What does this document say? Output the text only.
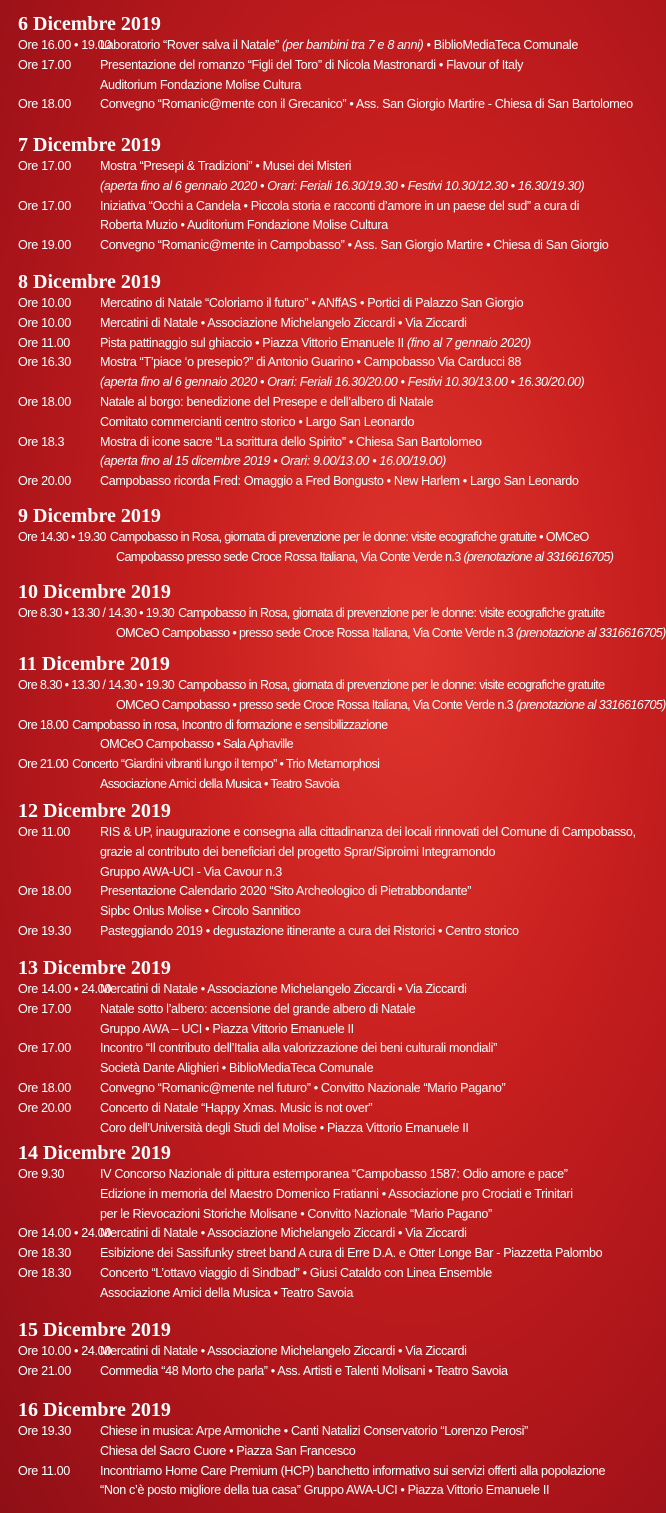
6 Dicembre 2019
Ore 16.00 • 19.00
Laboratorio “Rover salva il Natale” (per bambini tra 7 e 8 anni) • BiblioMediaTeca Comunale
Ore 17.00 Presentazione del romanzo “Figli del Toro” di Nicola Mastronardi • Flavour of Italy
Auditorium Fondazione Molise Cultura
Ore 18.00 Convegno “Romanic@mente con il Grecanico” • Ass. San Giorgio Martire - Chiesa di San Bartolomeo
7 Dicembre 2019
Ore 17.00 Mostra “Presepi & Tradizioni” • Musei dei Misteri
(aperta fino al 6 gennaio 2020 • Orari: Feriali 16.30/19.30 • Festivi 10.30/12.30 • 16.30/19.30)
Ore 17.00 Iniziativa “Occhi a Candela • Piccola storia e racconti d’amore in un paese del sud” a cura di
Roberta Muzio • Auditorium Fondazione Molise Cultura
Ore 19.00 Convegno “Romanic@mente in Campobasso” • Ass. San Giorgio Martire • Chiesa di San Giorgio
8 Dicembre 2019
Ore 10.00 Mercatino di Natale “Coloriamo il futuro” • ANffAS • Portici di Palazzo San Giorgio
Ore 10.00 Mercatini di Natale • Associazione Michelangelo Ziccardi • Via Ziccardi
Ore 11.00 Pista pattinaggio sul ghiaccio • Piazza Vittorio Emanuele II (fino al 7 gennaio 2020)
Ore 16.30 Mostra “T’piace ‘o presepio?” di Antonio Guarino • Campobasso Via Carducci 88
(aperta fino al 6 gennaio 2020 • Orari: Feriali 16.30/20.00 • Festivi 10.30/13.00 • 16.30/20.00)
Ore 18.00 Natale al borgo: benedizione del Presepe e dell’albero di Natale
Comitato commercianti centro storico • Largo San Leonardo
Ore 18.3	Mostra di icone sacre “La scrittura dello Spirito” • Chiesa San Bartolomeo
(aperta fino al 15 dicembre 2019 • Orari: 9.00/13.00 • 16.00/19.00)
Ore 20.00 Campobasso ricorda Fred: Omaggio a Fred Bongusto • New Harlem • Largo San Leonardo
9 Dicembre 2019
Ore 14.30 • 19.30 Campobasso in Rosa, giornata di prevenzione per le donne: visite ecografiche gratuite • OMCeO
Campobasso presso sede Croce Rossa Italiana, Via Conte Verde n.3 (prenotazione al 3316616705)
10 Dicembre 2019
Ore 8.30 • 13.30 / 14.30 • 19.30 Campobasso in Rosa, giornata di prevenzione per le donne: visite ecografiche gratuite
OMCeO Campobasso • presso sede Croce Rossa Italiana, Via Conte Verde n.3 (prenotazione al 3316616705)
11 Dicembre 2019
Ore 8.30 • 13.30 / 14.30 • 19.30 Campobasso in Rosa, giornata di prevenzione per le donne: visite ecografiche gratuite
OMCeO Campobasso • presso sede Croce Rossa Italiana, Via Conte Verde n.3 (prenotazione al 3316616705)
Ore 18.00 Campobasso in rosa, Incontro di formazione e sensibilizzazione
OMCeO Campobasso • Sala Aphaville
Ore 21.00 Concerto “Giardini vibranti lungo il tempo” • Trio Metamorphosi
Associazione Amici della Musica • Teatro Savoia
12 Dicembre 2019
Ore 11.00 RIS & UP, inaugurazione e consegna alla cittadinanza dei locali rinnovati del Comune di Campobasso,
grazie al contributo dei beneficiari del progetto Sprar/Siproimi Integramondo
Gruppo AWA-UCI - Via Cavour n.3
Ore 18.00 Presentazione Calendario 2020 “Sito Archeologico di Pietrabbondante”
Sipbc Onlus Molise • Circolo Sannitico
Ore 19.30 Pasteggiando 2019 • degustazione itinerante a cura dei Ristorici • Centro storico
13 Dicembre 2019
Ore 14.00 • 24.00
Mercatini di Natale • Associazione Michelangelo Ziccardi • Via Ziccardi
Ore 17.00 Natale sotto l’albero: accensione del grande albero di Natale
Gruppo AWA – UCI • Piazza Vittorio Emanuele II
Ore 17.00 Incontro “Il contributo dell’Italia alla valorizzazione dei beni culturali mondiali”
Società Dante Alighieri • BiblioMediaTeca Comunale
Ore 18.00 Convegno “Romanic@mente nel futuro” • Convitto Nazionale “Mario Pagano”
Ore 20.00 Concerto di Natale “Happy Xmas. Music is not over”
Coro dell’Università degli Studi del Molise • Piazza Vittorio Emanuele II
14 Dicembre 2019
Ore 9.30	IV Concorso Nazionale di pittura estemporanea “Campobasso 1587: Odio amore e pace”
Edizione in memoria del Maestro Domenico Fratianni • Associazione pro Crociati e Trinitari
per le Rievocazioni Storiche Molisane • Convitto Nazionale “Mario Pagano”
Ore 14.00 • 24.00
Mercatini di Natale • Associazione Michelangelo Ziccardi • Via Ziccardi
Ore 18.30 Esibizione dei Sassifunky street band A cura di Erre D.A. e Otter Longe Bar - Piazzetta Palombo
Ore 18.30 Concerto “L’ottavo viaggio di Sindbad” • Giusi Cataldo con Linea Ensemble
Associazione Amici della Musica • Teatro Savoia
15 Dicembre 2019
Ore 10.00 • 24.00
Mercatini di Natale • Associazione Michelangelo Ziccardi • Via Ziccardi
Ore 21.00 Commedia “48 Morto che parla” • Ass. Artisti e Talenti Molisani • Teatro Savoia
16 Dicembre 2019
Ore 19.30 Chiese in musica: Arpe Armoniche • Canti Natalizi Conservatorio “Lorenzo Perosi”
Chiesa del Sacro Cuore • Piazza San Francesco
Ore 11.00 Incontriamo Home Care Premium (HCP) banchetto informativo sui servizi offerti alla popolazione
“Non c’è posto migliore della tua casa” Gruppo AWA-UCI • Piazza Vittorio Emanuele II
